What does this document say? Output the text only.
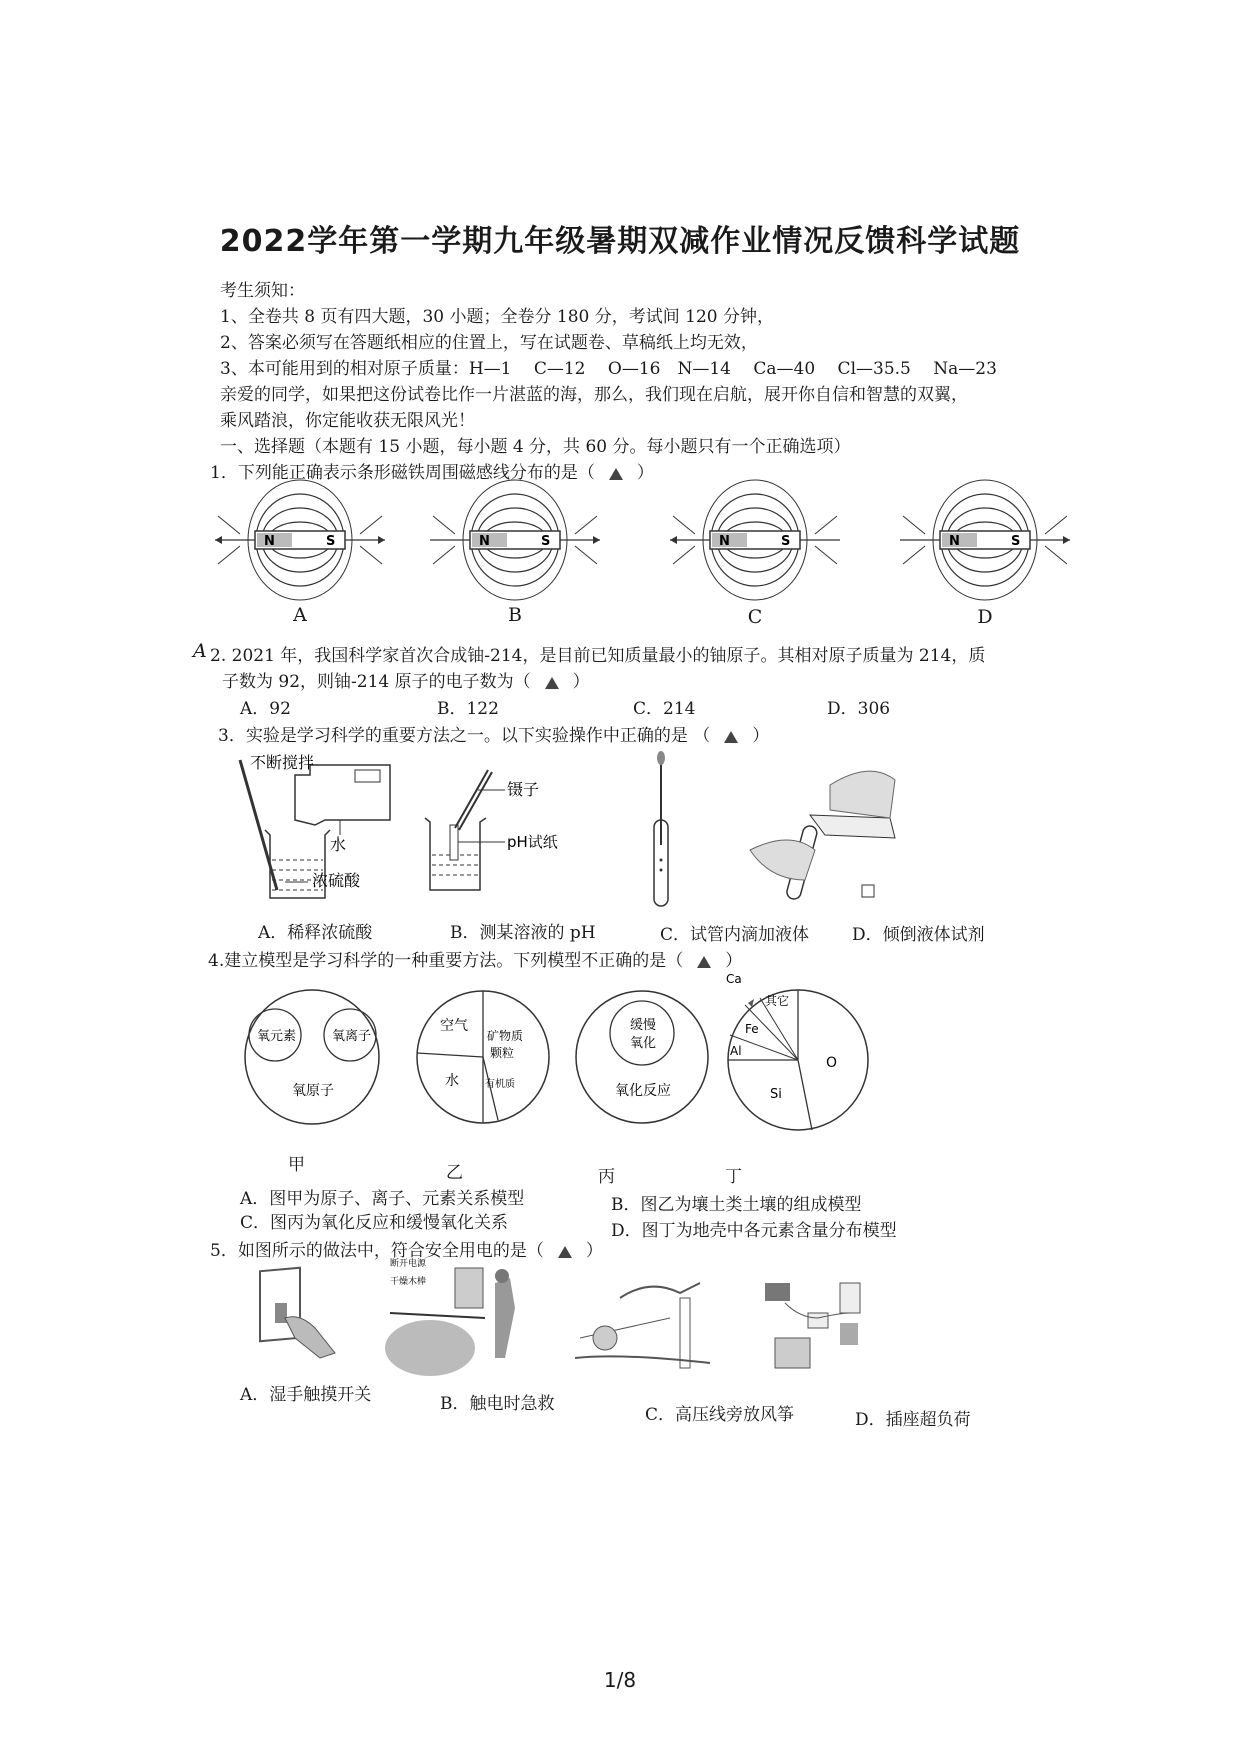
2022学年第一学期九年级暑期双减作业情况反馈科学试题
考生须知：
1、全卷共 8 页有四大题，30 小题；全卷分 180 分，考试间 120 分钟，
2、答案必须写在答题纸相应的住置上，写在试题卷、草稿纸上均无效，
3、本可能用到的相对原子质量：H—1　 C—12　 O—16　N—14　 Ca—40　 Cl—35.5　 Na—23
亲爱的同学，如果把这份试卷比作一片湛蓝的海，那么，我们现在启航，展开你自信和智慧的双翼，
乘风踏浪，你定能收获无限风光！
一、选择题（本题有 15 小题，每小题 4 分，共 60 分。每小题只有一个正确选项）
1．下列能正确表示条形磁铁周围磁感线分布的是（ ）
N	S	N	S	N	S	N	S
A	B	C	D
A 2. 2021 年，我国科学家首次合成铀-214，是目前已知质量最小的铀原子。其相对原子质量为 214，质
子数为 92，则铀-214 原子的电子数为（ ）
A．92	B．122	C．214	D．306
3．实验是学习科学的重要方法之一。以下实验操作中正确的是 （ ）
不断搅拌
水
浓硫酸
镊子
pH试纸
A．稀释浓硫酸	B．测某溶液的 pH	C．试管内滴加液体	D．倾倒液体试剂
4.建立模型是学习科学的一种重要方法。下列模型不正确的是（ ）
氧元素	氧离子
氧原子
空气
矿物质
颗粒
水	有机质
缓慢
氧化
氧化反应
Ca
其它
Fe
Al
O
Si
甲	乙	丙	丁
A．图甲为原子、离子、元素关系模型	B．图乙为壤土类土壤的组成模型
C．图丙为氧化反应和缓慢氧化关系	D．图丁为地壳中各元素含量分布模型
5．如图所示的做法中，符合安全用电的是（ ）
断开电源
干燥木棒
A．湿手触摸开关	B．触电时急救
C．高压线旁放风筝	D．插座超负荷
1/8
